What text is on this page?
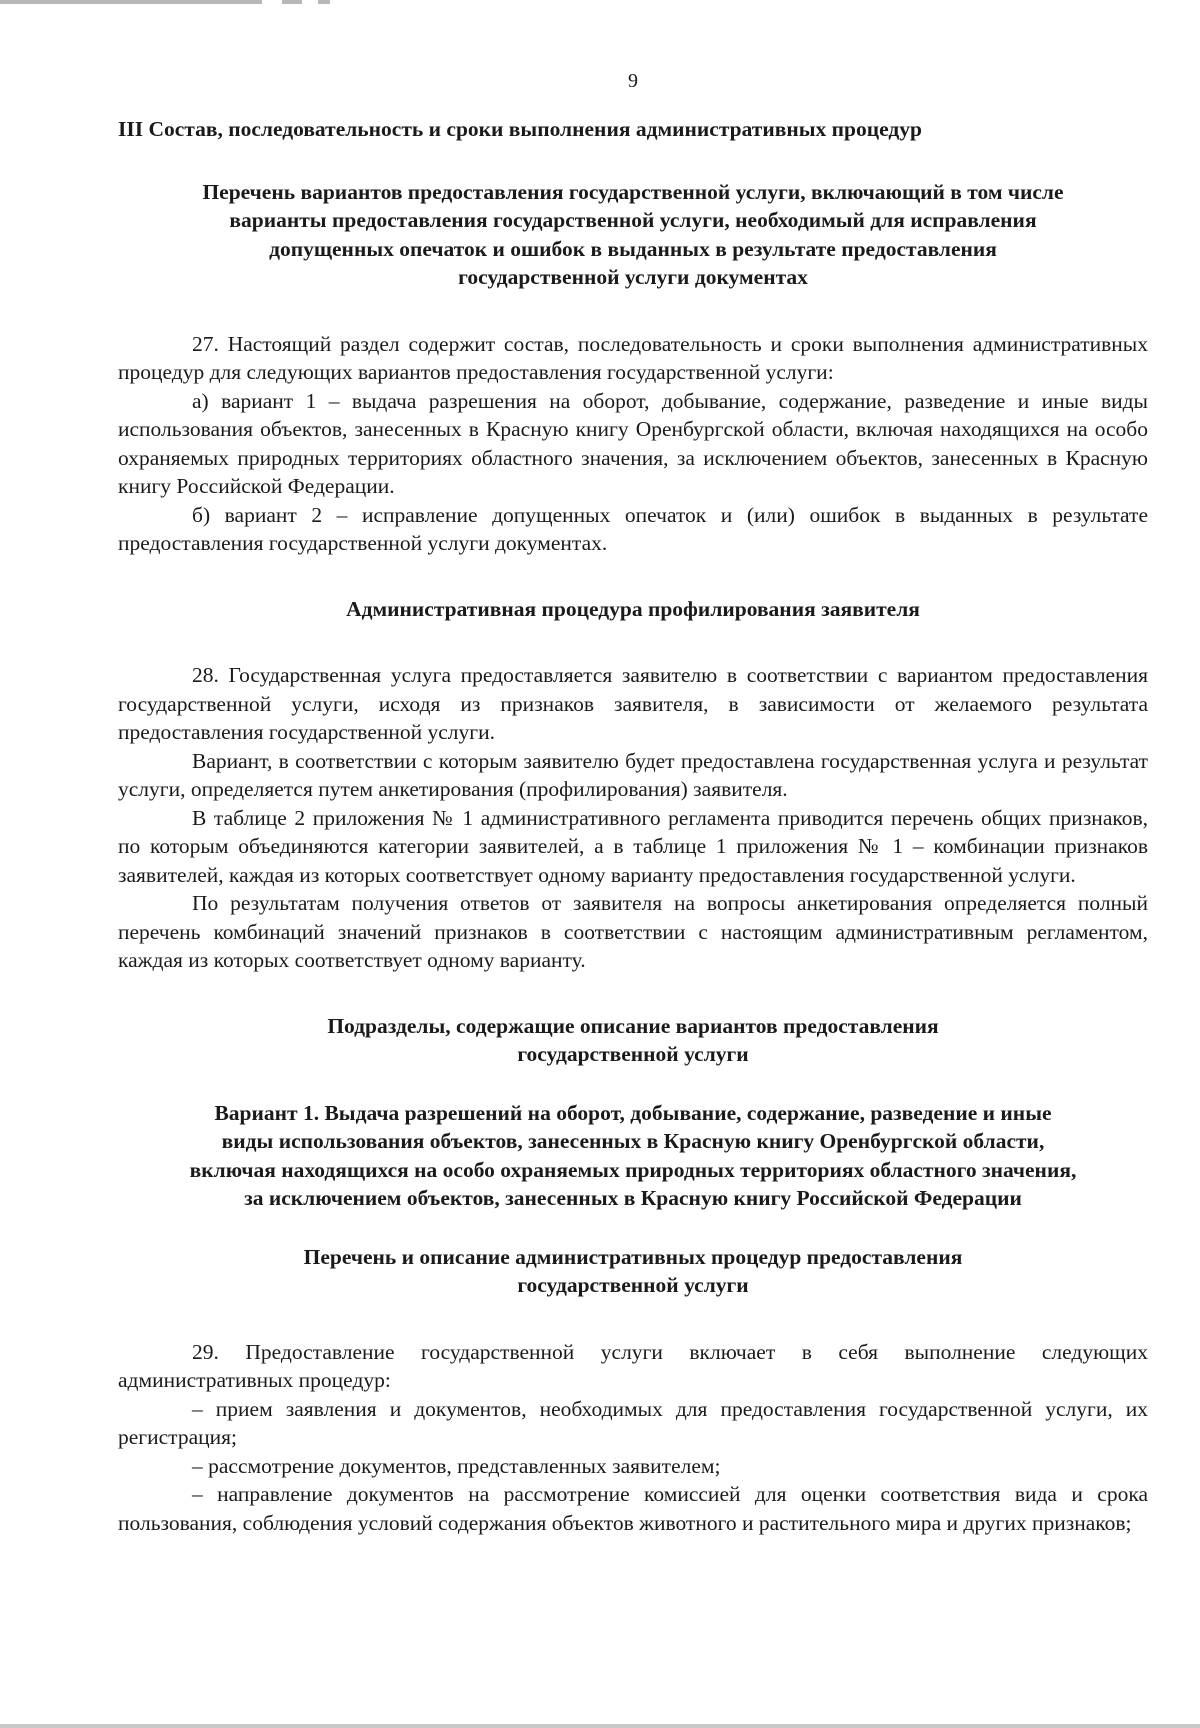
9
III Состав, последовательность и сроки выполнения административных процедур
Перечень вариантов предоставления государственной услуги, включающий в том числе
варианты предоставления государственной услуги, необходимый для исправления
допущенных опечаток и ошибок в выданных в результате предоставления
государственной услуги документах

27. Настоящий раздел содержит состав, последовательность и сроки выполнения административных процедур для следующих вариантов предоставления государственной услуги:

а) вариант 1 – выдача разрешения на оборот, добывание, содержание, разведение и иные виды использования объектов, занесенных в Красную книгу Оренбургской области, включая находящихся на особо охраняемых природных территориях областного значения, за исключением объектов, занесенных в Красную книгу Российской Федерации.

б) вариант 2 – исправление допущенных опечаток и (или) ошибок в выданных в результате предоставления государственной услуги документах.

Административная процедура профилирования заявителя

28. Государственная услуга предоставляется заявителю в соответствии с вариантом предоставления государственной услуги, исходя из признаков заявителя, в зависимости от желаемого результата предоставления государственной услуги.

Вариант, в соответствии с которым заявителю будет предоставлена государственная услуга и результат услуги, определяется путем анкетирования (профилирования) заявителя.

В таблице 2 приложения № 1 административного регламента приводится перечень общих признаков, по которым объединяются категории заявителей, а в таблице 1 приложения № 1 – комбинации признаков заявителей, каждая из которых соответствует одному варианту предоставления государственной услуги.

По результатам получения ответов от заявителя на вопросы анкетирования определяется полный перечень комбинаций значений признаков в соответствии с настоящим административным регламентом, каждая из которых соответствует одному варианту.

Подразделы, содержащие описание вариантов предоставления
государственной услуги
Вариант 1. Выдача разрешений на оборот, добывание, содержание, разведение и иные
виды использования объектов, занесенных в Красную книгу Оренбургской области,
включая находящихся на особо охраняемых природных территориях областного значения,
за исключением объектов, занесенных в Красную книгу Российской Федерации
Перечень и описание административных процедур предоставления
государственной услуги

29. Предоставление государственной услуги включает в себя выполнение следующих административных процедур:

– прием заявления и документов, необходимых для предоставления государственной услуги, их регистрация;

– рассмотрение документов, представленных заявителем;

– направление документов на рассмотрение комиссией для оценки соответствия вида и срока пользования, соблюдения условий содержания объектов животного и растительного мира и других признаков;
